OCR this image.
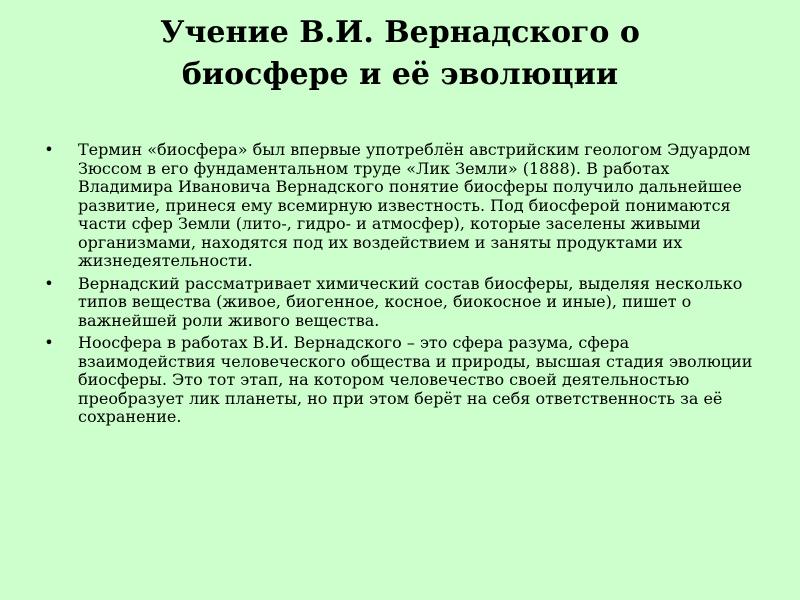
Учение В.И. Вернадского о
биосфере и её эволюции
• Термин «биосфера» был впервые употреблён австрийским геологом Эдуардом Зюссом в его фундаментальном труде «Лик Земли» (1888). В работах Владимира Ивановича Вернадского понятие биосферы получило дальнейшее развитие, принеся ему всемирную известность. Под биосферой понимаются части сфер Земли (лито-, гидро- и атмосфер), которые заселены живыми организмами, находятся под их воздействием и заняты продуктами их жизнедеятельности.
• Вернадский рассматривает химический состав биосферы, выделяя несколько типов вещества (живое, биогенное, косное, биокосное и иные), пишет о важнейшей роли живого вещества.
• Ноосфера в работах В.И. Вернадского – это сфера разума, сфера взаимодействия человеческого общества и природы, высшая стадия эволюции биосферы. Это тот этап, на котором человечество своей деятельностью преобразует лик планеты, но при этом берёт на себя ответственность за её сохранение.
